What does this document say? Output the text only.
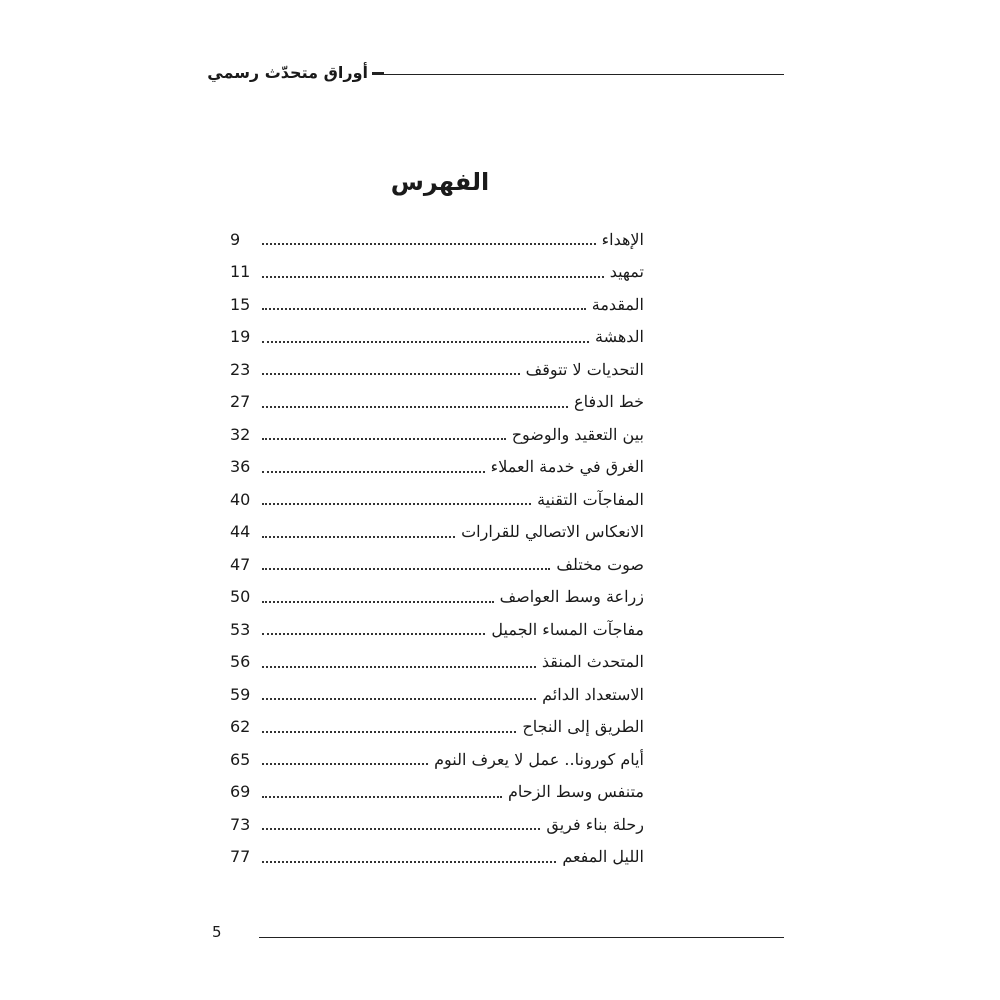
أوراق متحدّث رسمي
الفهرس
الإهداء
9
تمهيد
11
المقدمة
15
الدهشة
19
التحديات لا تتوقف
23
خط الدفاع
27
بين التعقيد والوضوح
32
الغرق في خدمة العملاء
36
المفاجآت التقنية
40
الانعكاس الاتصالي للقرارات
44
صوت مختلف
47
زراعة وسط العواصف
50
مفاجآت المساء الجميل
53
المتحدث المنقذ
56
الاستعداد الدائم
59
الطريق إلى النجاح
62
أيام كورونا.. عمل لا يعرف النوم
65
متنفس وسط الزحام
69
رحلة بناء فريق
73
الليل المفعم
77
5
